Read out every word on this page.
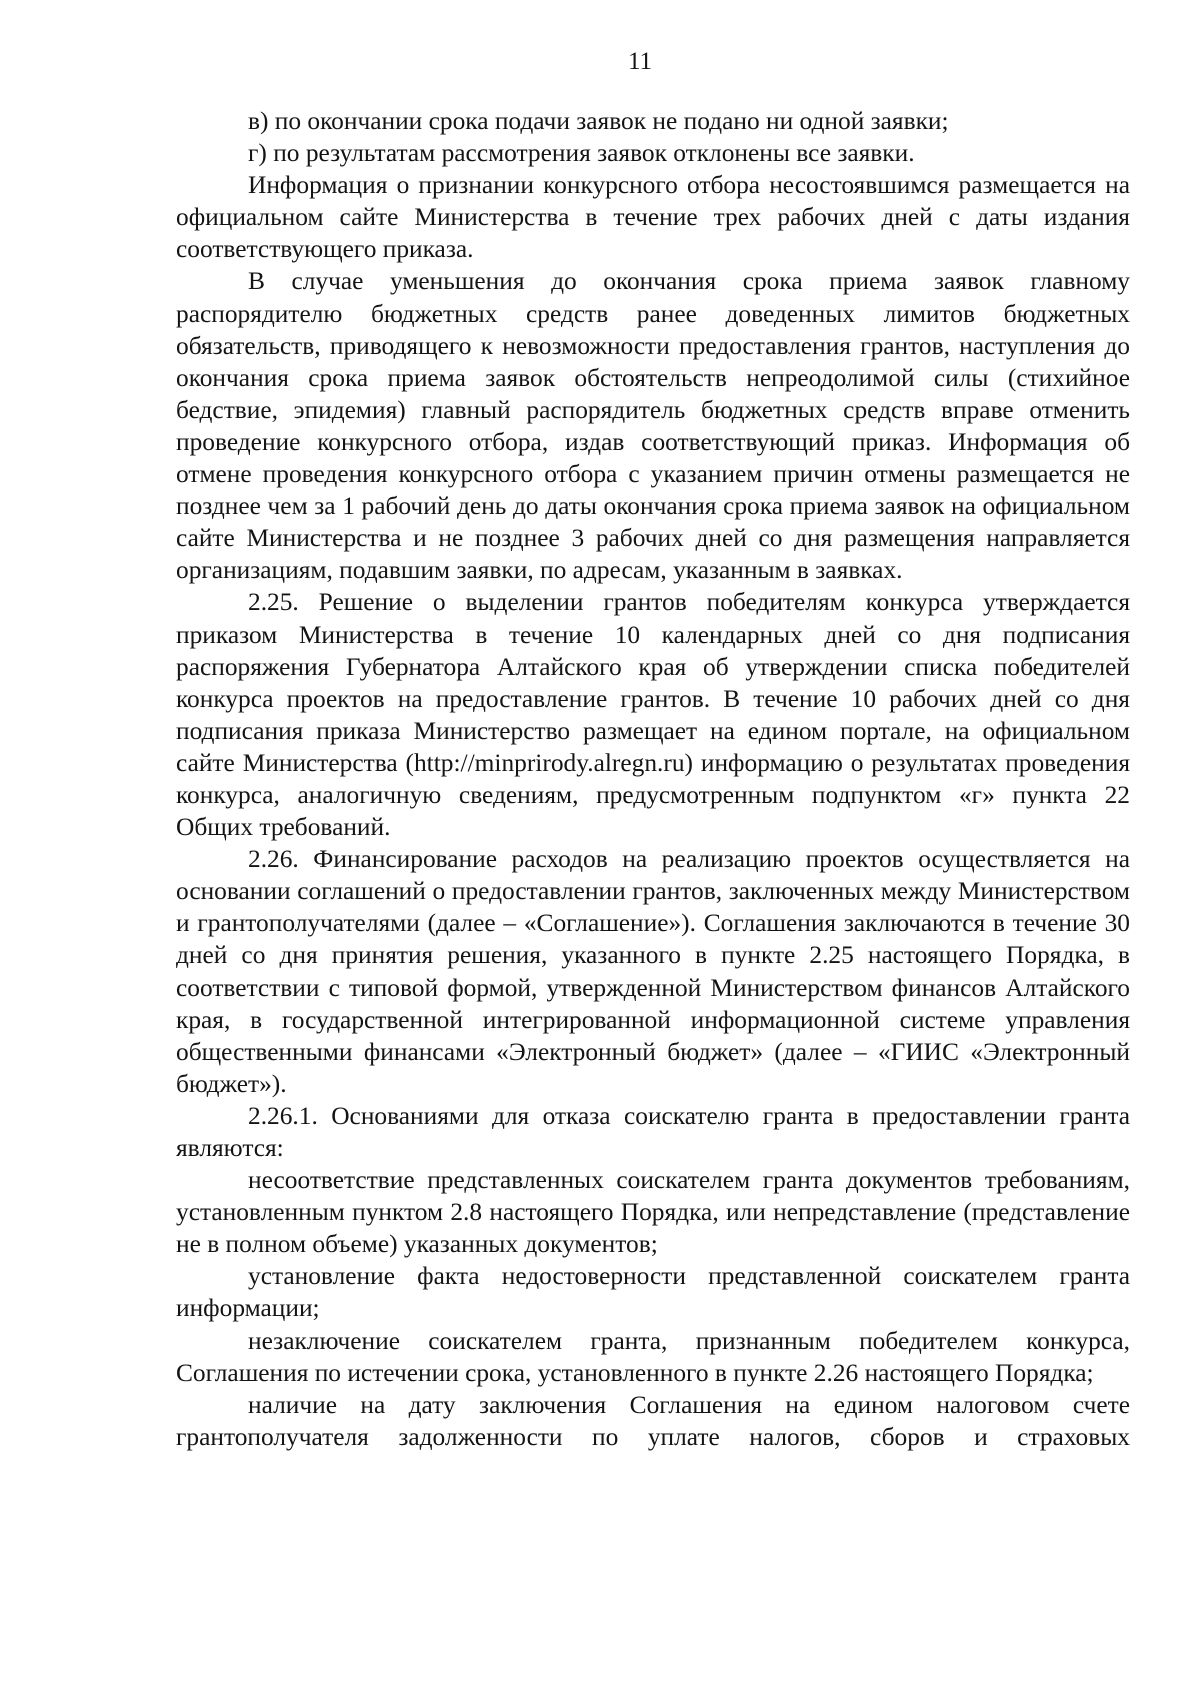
11

в) по окончании срока подачи заявок не подано ни одной заявки;

г) по результатам рассмотрения заявок отклонены все заявки.

Информация о признании конкурсного отбора несостоявшимся размещается на официальном сайте Министерства в течение трех рабочих дней с даты издания соответствующего приказа.

В случае уменьшения до окончания срока приема заявок главному распорядителю бюджетных средств ранее доведенных лимитов бюджетных обязательств, приводящего к невозможности предоставления грантов, наступления до окончания срока приема заявок обстоятельств непреодолимой силы (стихийное бедствие, эпидемия) главный распорядитель бюджетных средств вправе отменить проведение конкурсного отбора, издав соответствующий приказ. Информация об отмене проведения конкурсного отбора с указанием причин отмены размещается не позднее чем за 1 рабочий день до даты окончания срока приема заявок на официальном сайте Министерства и не позднее 3 рабочих дней со дня размещения направляется организациям, подавшим заявки, по адресам, указанным в заявках.

2.25. Решение о выделении грантов победителям конкурса утверждается приказом Министерства в течение 10 календарных дней со дня подписания распоряжения Губернатора Алтайского края об утверждении списка победителей конкурса проектов на предоставление грантов. В течение 10 рабочих дней со дня подписания приказа Министерство размещает на едином портале, на официальном сайте Министерства (http://minprirody.alregn.ru) информацию о результатах проведения конкурса, аналогичную сведениям, предусмотренным подпунктом «г» пункта 22 Общих требований.

2.26. Финансирование расходов на реализацию проектов осуществляется на основании соглашений о предоставлении грантов, заключенных между Министерством и грантополучателями (далее – «Соглашение»). Соглашения заключаются в течение 30 дней со дня принятия решения, указанного в пункте 2.25 настоящего Порядка, в соответствии с типовой формой, утвержденной Министерством финансов Алтайского края, в государственной интегрированной информационной системе управления общественными финансами «Электронный бюджет» (далее – «ГИИС «Электронный бюджет»).

2.26.1. Основаниями для отказа соискателю гранта в предоставлении гранта являются:

несоответствие представленных соискателем гранта документов требованиям, установленным пунктом 2.8 настоящего Порядка, или непредставление (представление не в полном объеме) указанных документов;

установление факта недостоверности представленной соискателем гранта информации;

незаключение соискателем гранта, признанным победителем конкурса, Соглашения по истечении срока, установленного в пункте 2.26 настоящего Порядка;

наличие на дату заключения Соглашения на едином налоговом счете грантополучателя задолженности по уплате налогов, сборов и страховых
